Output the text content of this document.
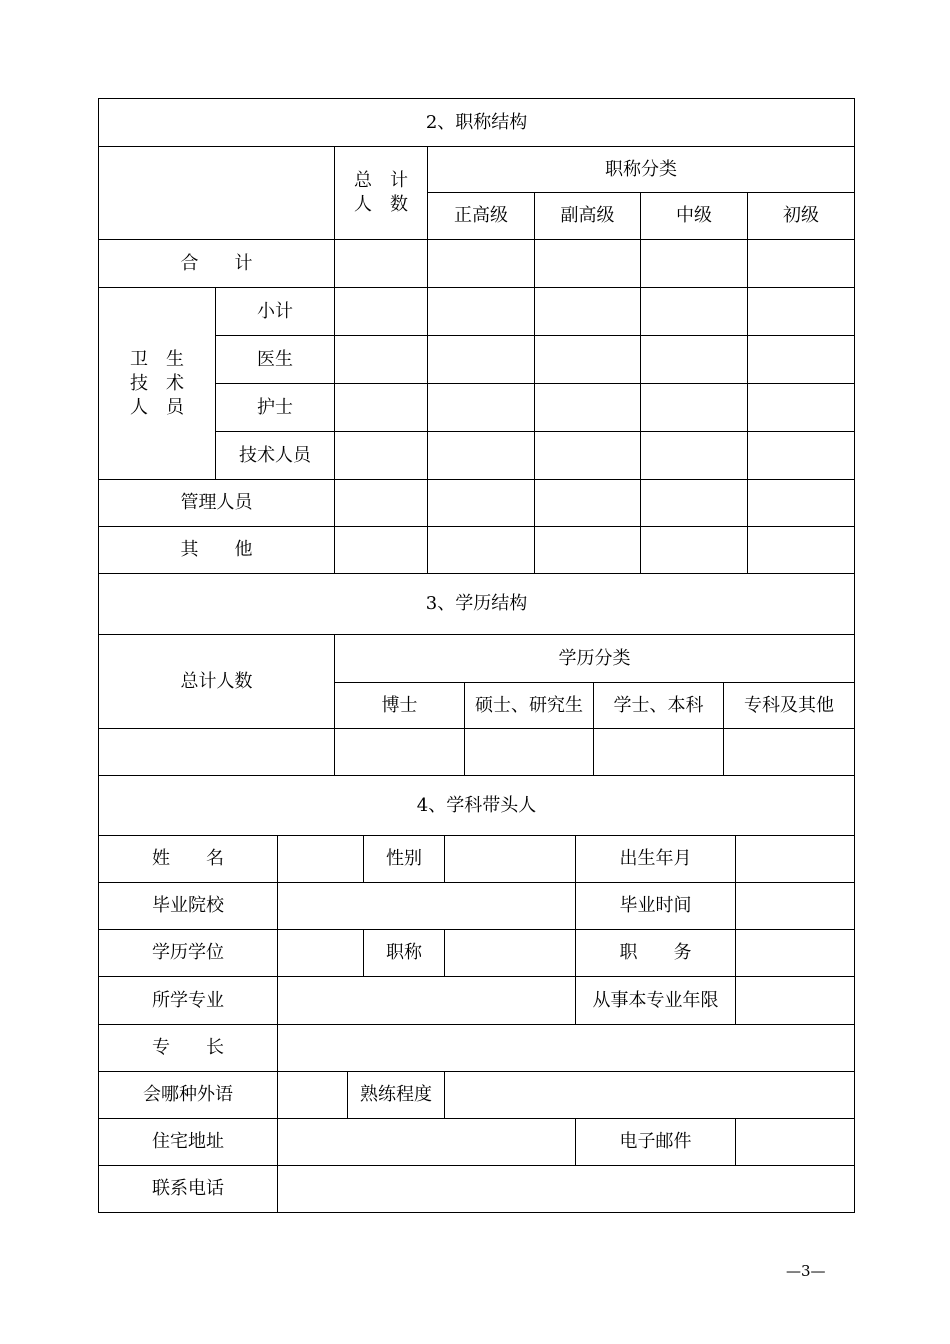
2、职称结构						

		总　计
人　数	职称分类			
			正高级	副高级	中级	初级
合　　计						

卫　生
技　术
人　员	小计					
	医生					
	护士					
	技术人员					
管理人员						
其　　他						
3、学历结构				
总计人数	学历分类			
	博士	硕士、研究生	学士、本科	专科及其他

4、学科带头人						
姓　　名			性别		出生年月	
毕业院校					毕业时间	
学历学位			职称		职　　务	
所学专业					从事本专业年限	
专　　长						
会哪种外语		熟练程度				
住宅地址					电子邮件	
联系电话						
—3—
